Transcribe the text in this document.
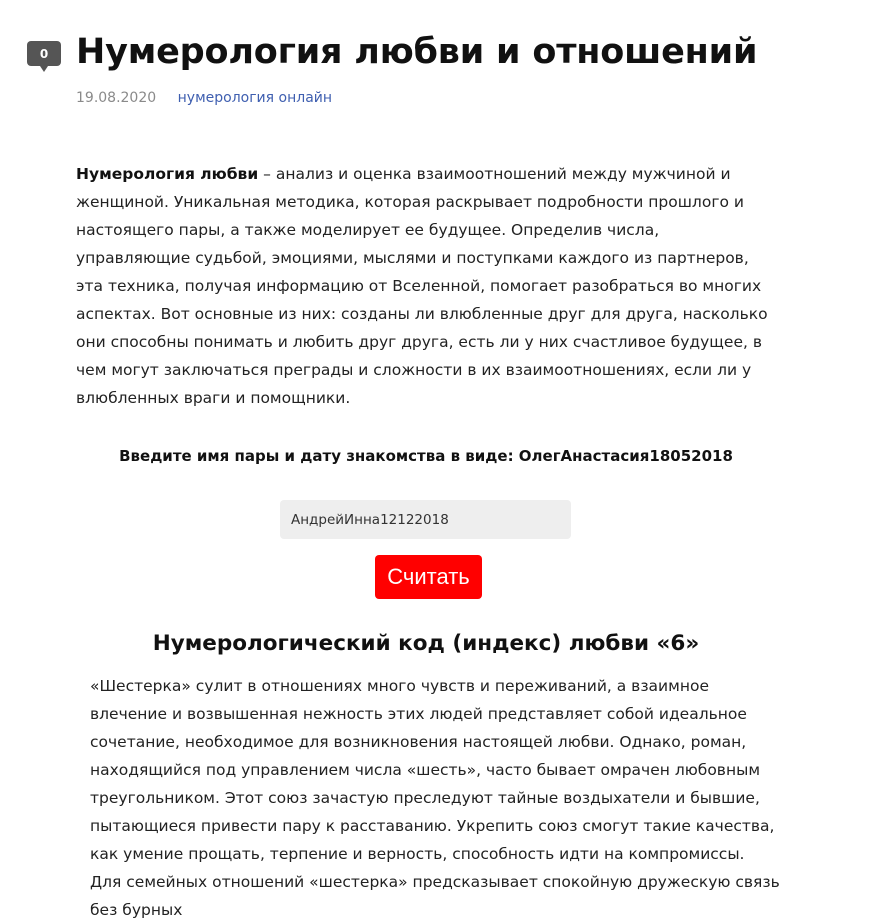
0 Нумерология любви и отношений
19.08.2020 нумерология онлайн

Нумерология любви – анализ и оценка взаимоотношений между мужчиной и женщиной. Уникальная методика, которая раскрывает подробности прошлого и настоящего пары, а также моделирует ее будущее. Определив числа, управляющие судьбой, эмоциями, мыслями и поступками каждого из партнеров, эта техника, получая информацию от Вселенной, помогает разобраться во многих аспектах. Вот основные из них: созданы ли влюбленные друг для друга, насколько они способны понимать и любить друг друга, есть ли у них счастливое будущее, в чем могут заключаться преграды и сложности в их взаимоотношениях, если ли у влюбленных враги и помощники.

Введите имя пары и дату знакомства в виде: ОлегАнастасия18052018
АндрейИнна12122018
Считать
Нумерологический код (индекс) любви «6»

«Шестерка» сулит в отношениях много чувств и переживаний, а взаимное влечение и возвышенная нежность этих людей представляет собой идеальное сочетание, необходимое для возникновения настоящей любви. Однако, роман, находящийся под управлением числа «шесть», часто бывает омрачен любовным треугольником. Этот союз зачастую преследуют тайные воздыхатели и бывшие, пытающиеся привести пару к расставанию. Укрепить союз смогут такие качества, как умение прощать, терпение и верность, способность идти на компромиссы. Для семейных отношений «шестерка» предсказывает спокойную дружескую связь без бурных
